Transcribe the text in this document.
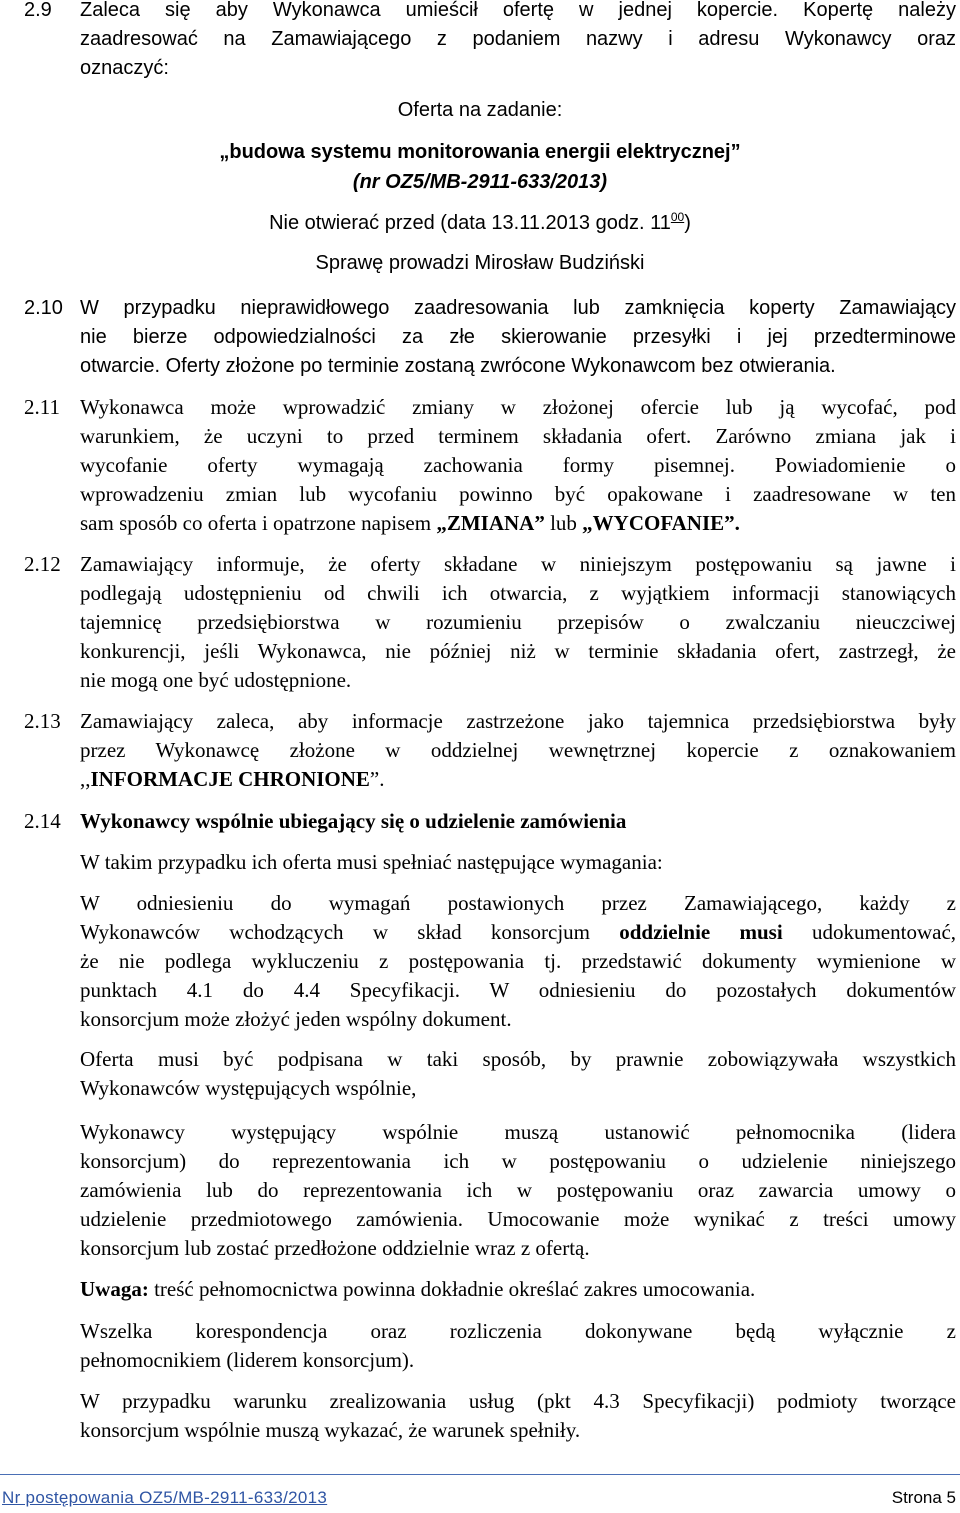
2.9	Zaleca się aby Wykonawca umieścił ofertę w jednej kopercie. Kopertę należy
zaadresować na Zamawiającego z podaniem nazwy i adresu Wykonawcy oraz
oznaczyć:
Oferta na zadanie:
„budowa systemu monitorowania energii elektrycznej”
(nr OZ5/MB-2911-633/2013)
Nie otwierać przed (data 13.11.2013 godz. $11^{00}$)
Sprawę prowadzi Mirosław Budziński
2.10 W przypadku nieprawidłowego zaadresowania lub zamknięcia koperty Zamawiający
nie bierze odpowiedzialności za złe skierowanie przesyłki i jej przedterminowe
otwarcie. Oferty złożone po terminie zostaną zwrócone Wykonawcom bez otwierania.
2.11 Wykonawca może wprowadzić zmiany w złożonej ofercie lub ją wycofać, pod
warunkiem, że uczyni to przed terminem składania ofert. Zarówno zmiana jak i
wycofanie oferty wymagają zachowania formy pisemnej. Powiadomienie o
wprowadzeniu zmian lub wycofaniu powinno być opakowane i zaadresowane w ten
sam sposób co oferta i opatrzone napisem „ZMIANA” lub „WYCOFANIE”.
2.12 Zamawiający informuje, że oferty składane w niniejszym postępowaniu są jawne i
podlegają udostępnieniu od chwili ich otwarcia, z wyjątkiem informacji stanowiących
tajemnicę przedsiębiorstwa w rozumieniu przepisów o zwalczaniu nieuczciwej
konkurencji, jeśli Wykonawca, nie później niż w terminie składania ofert, zastrzegł, że
nie mogą one być udostępnione.
2.13 Zamawiający zaleca, aby informacje zastrzeżone jako tajemnica przedsiębiorstwa były
przez Wykonawcę złożone w oddzielnej wewnętrznej kopercie z oznakowaniem
,,INFORMACJE CHRONIONE”.
2.14 Wykonawcy wspólnie ubiegający się o udzielenie zamówienia
W takim przypadku ich oferta musi spełniać następujące wymagania:
W odniesieniu do wymagań postawionych przez Zamawiającego, każdy z
Wykonawców wchodzących w skład konsorcjum oddzielnie musi udokumentować,
że nie podlega wykluczeniu z postępowania tj. przedstawić dokumenty wymienione w
punktach 4.1 do 4.4 Specyfikacji. W odniesieniu do pozostałych dokumentów
konsorcjum może złożyć jeden wspólny dokument.
Oferta musi być podpisana w taki sposób, by prawnie zobowiązywała wszystkich
Wykonawców występujących wspólnie,
Wykonawcy występujący wspólnie muszą ustanowić pełnomocnika (lidera
konsorcjum) do reprezentowania ich w postępowaniu o udzielenie niniejszego
zamówienia lub do reprezentowania ich w postępowaniu oraz zawarcia umowy o
udzielenie przedmiotowego zamówienia. Umocowanie może wynikać z treści umowy
konsorcjum lub zostać przedłożone oddzielnie wraz z ofertą.
Uwaga: treść pełnomocnictwa powinna dokładnie określać zakres umocowania.
Wszelka korespondencja oraz rozliczenia dokonywane będą wyłącznie z
pełnomocnikiem (liderem konsorcjum).
W przypadku warunku zrealizowania usług (pkt 4.3 Specyfikacji) podmioty tworzące
konsorcjum wspólnie muszą wykazać, że warunek spełniły.
Nr postępowania OZ5/MB-2911-633/2013	Strona 5
